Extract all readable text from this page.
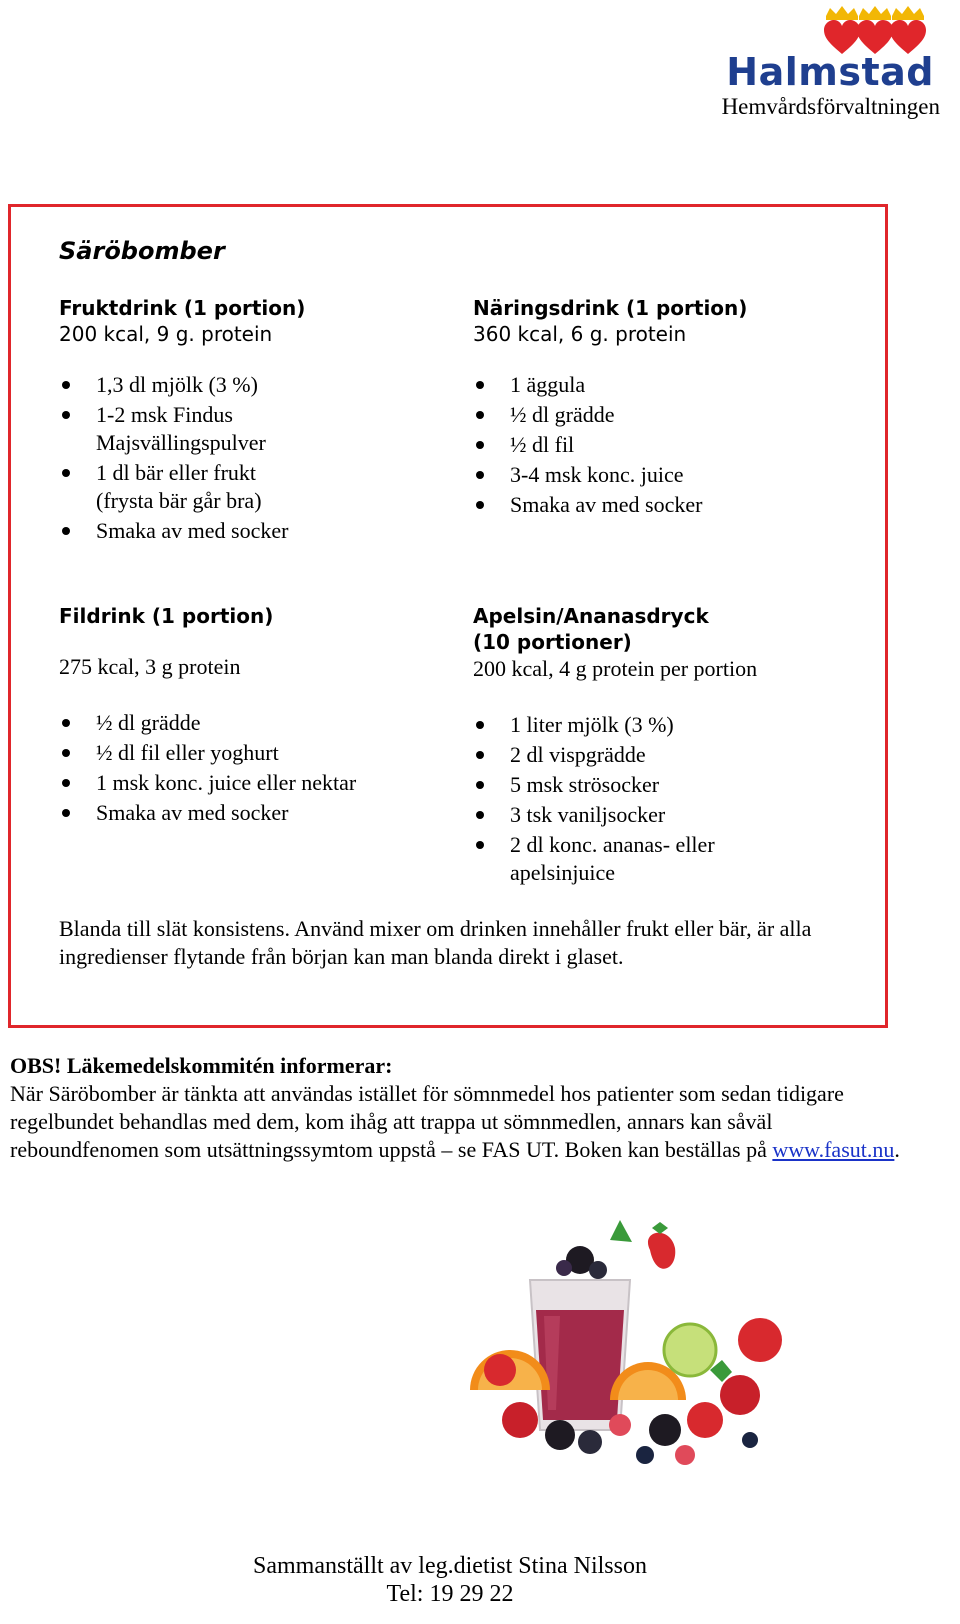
Halmstad
Hemvårdsförvaltningen
Säröbomber
Fruktdrink (1 portion)
200 kcal, 9 g. protein
1,3 dl mjölk (3 %)
1-2 msk Findus Majsvällingspulver
1 dl bär eller frukt (frysta bär går bra)
Smaka av med socker
Näringsdrink (1 portion)
360 kcal, 6 g. protein
1 äggula
½ dl grädde
½ dl fil
3-4 msk konc. juice
Smaka av med socker
Fildrink (1 portion)
275 kcal, 3 g protein
½ dl grädde
½ dl fil eller yoghurt
1 msk konc. juice eller nektar
Smaka av med socker
Apelsin/Ananasdryck
(10 portioner)
200 kcal, 4 g protein per portion
1 liter mjölk (3 %)
2 dl vispgrädde
5 msk strösocker
3 tsk vaniljsocker
2 dl konc. ananas- eller apelsinjuice
Blanda till slät konsistens. Använd mixer om drinken innehåller frukt eller bär, är alla ingredienser flytande från början kan man blanda direkt i glaset.
OBS! Läkemedelskommitén informerar:
När Säröbomber är tänkta att användas istället för sömnmedel hos patienter som sedan tidigare regelbundet behandlas med dem, kom ihåg att trappa ut sömnmedlen, annars kan såväl reboundfenomen som utsättningssymtom uppstå – se FAS UT. Boken kan beställas på www.fasut.nu.
Sammanställt av leg.dietist Stina Nilsson
Tel: 19 29 22
